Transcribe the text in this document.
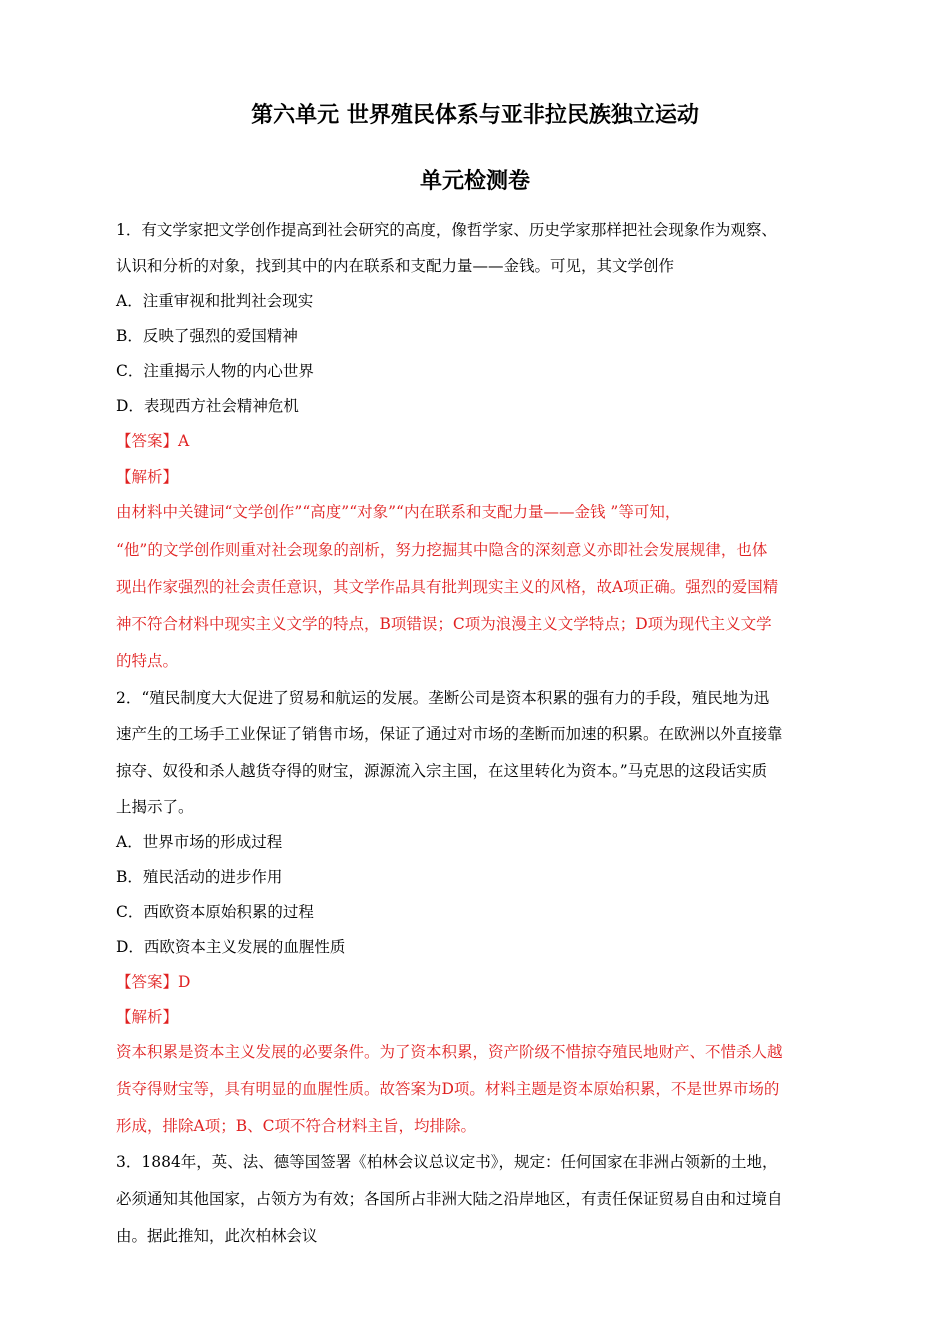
第六单元 世界殖民体系与亚非拉民族独立运动
单元检测卷
1．有文学家把文学创作提高到社会研究的高度，像哲学家、历史学家那样把社会现象作为观察、
认识和分析的对象，找到其中的内在联系和支配力量——金钱。可见，其文学创作
A．注重审视和批判社会现实
B．反映了强烈的爱国精神
C．注重揭示人物的内心世界
D．表现西方社会精神危机
【答案】A
【解析】
由材料中关键词“文学创作”“高度”“对象”“内在联系和支配力量——金钱 ”等可知，
“他”的文学创作则重对社会现象的剖析，努力挖掘其中隐含的深刻意义亦即社会发展规律，也体
现出作家强烈的社会责任意识，其文学作品具有批判现实主义的风格，故A项正确。强烈的爱国精
神不符合材料中现实主义文学的特点，B项错误；C项为浪漫主义文学特点；D项为现代主义文学
的特点。
2．“殖民制度大大促进了贸易和航运的发展。垄断公司是资本积累的强有力的手段，殖民地为迅
速产生的工场手工业保证了销售市场，保证了通过对市场的垄断而加速的积累。在欧洲以外直接靠
掠夺、奴役和杀人越货夺得的财宝，源源流入宗主国，在这里转化为资本。”马克思的这段话实质
上揭示了。
A．世界市场的形成过程
B．殖民活动的进步作用
C．西欧资本原始积累的过程
D．西欧资本主义发展的血腥性质
【答案】D
【解析】
资本积累是资本主义发展的必要条件。为了资本积累，资产阶级不惜掠夺殖民地财产、不惜杀人越
货夺得财宝等，具有明显的血腥性质。故答案为D项。材料主题是资本原始积累，不是世界市场的
形成，排除A项；B、C项不符合材料主旨，均排除。
3．1884年，英、法、德等国签署《柏林会议总议定书》，规定：任何国家在非洲占领新的土地，
必须通知其他国家，占领方为有效；各国所占非洲大陆之沿岸地区，有责任保证贸易自由和过境自
由。据此推知，此次柏林会议
